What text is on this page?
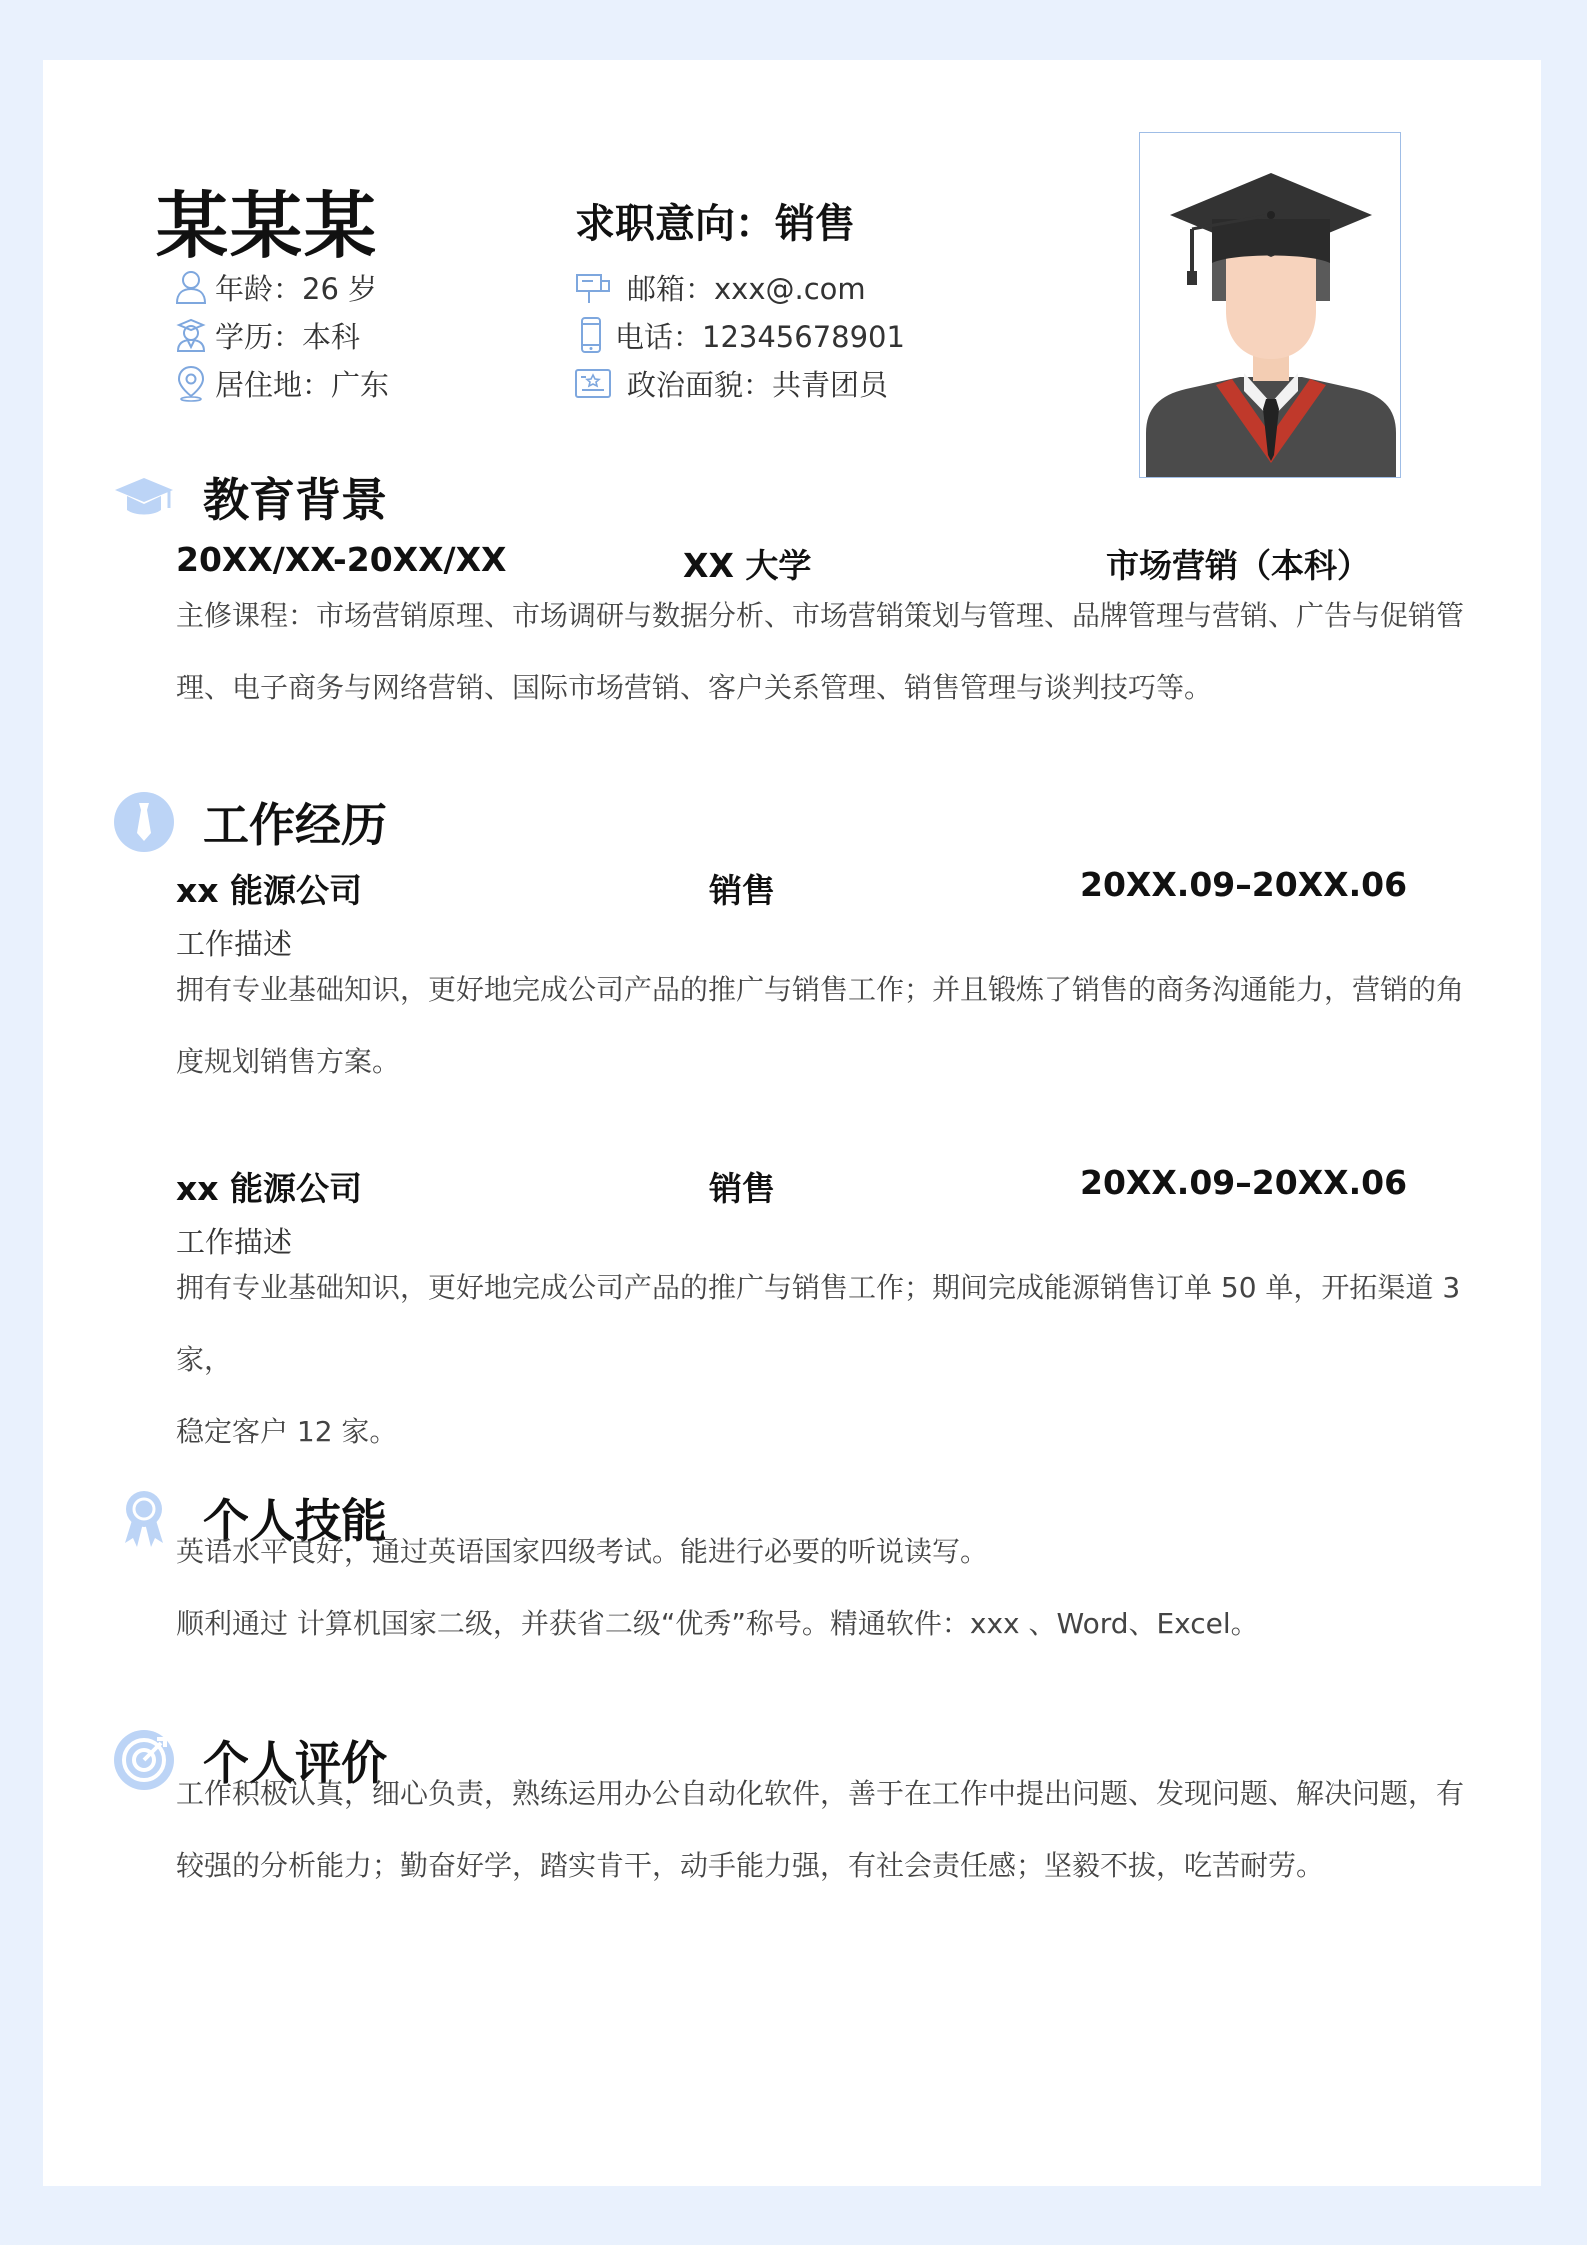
某某某	求职意向：销售
年龄：26 岁
学历：本科
居住地：广东
邮箱：xxx@.com
电话：12345678901
政治面貌：共青团员
教育背景
20XX/XX-20XX/XX	XX 大学	市场营销（本科）
主修课程：市场营销原理、市场调研与数据分析、市场营销策划与管理、品牌管理与营销、广告与促销管
理、电子商务与网络营销、国际市场营销、客户关系管理、销售管理与谈判技巧等。
工作经历
xx 能源公司	销售	20XX.09–20XX.06
工作描述
拥有专业基础知识，更好地完成公司产品的推广与销售工作；并且锻炼了销售的商务沟通能力，营销的角
度规划销售方案。
xx 能源公司	销售	20XX.09–20XX.06
工作描述
拥有专业基础知识，更好地完成公司产品的推广与销售工作；期间完成能源销售订单 50 单，开拓渠道 3 家，
稳定客户 12 家。
个人技能
英语水平良好，通过英语国家四级考试。能进行必要的听说读写。
顺利通过 计算机国家二级，并获省二级“优秀”称号。精通软件：xxx 、Word、Excel。
个人评价
工作积极认真，细心负责，熟练运用办公自动化软件，善于在工作中提出问题、发现问题、解决问题，有
较强的分析能力；勤奋好学，踏实肯干，动手能力强，有社会责任感；坚毅不拔，吃苦耐劳。
